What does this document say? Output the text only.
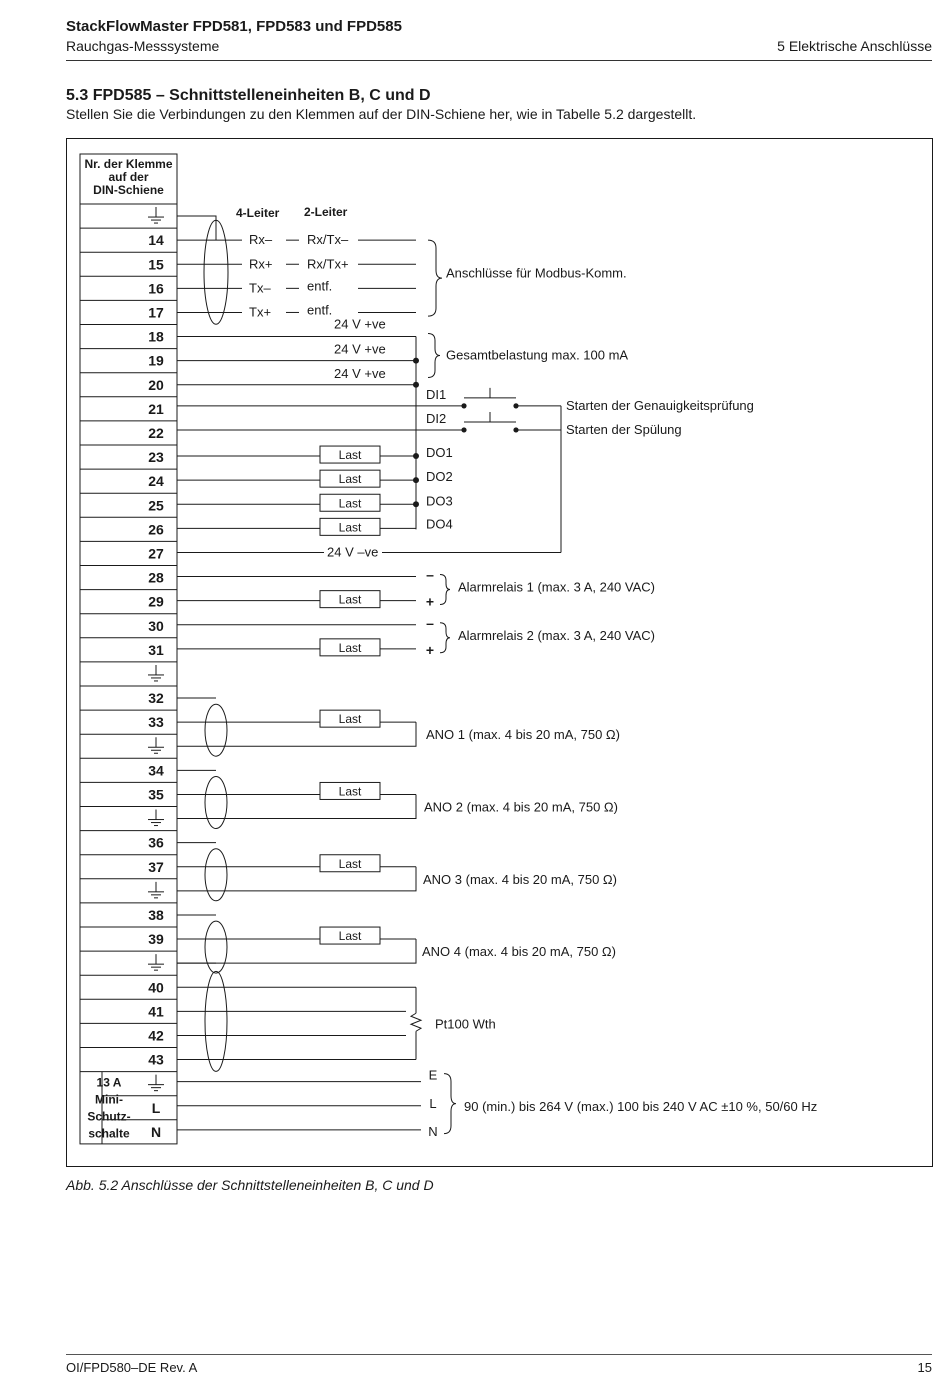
StackFlowMaster FPD581, FPD583 und FPD585
Rauchgas-Messsysteme	5 Elektrische Anschlüsse
5.3 FPD585 – Schnittstelleneinheiten B, C und D
Stellen Sie die Verbindungen zu den Klemmen auf der DIN-Schiene her, wie in Tabelle 5.2 dargestellt.
Nr. der Klemme
auf der
DIN-Schiene
14
15
16
17
18
19
20
21
22
23
24
25
26
27
28
29
30
31
32
33
34
35
36
37
38
39
40
41
42
43
L
N
13 A
Mini-
Schutz-
schalte
4-Leiter 2-Leiter
Rx–	Rx/Tx–
Rx+	Rx/Tx+
Tx–	entf.
Tx+	entf.
Anschlüsse für Modbus-Komm.
24 V +ve
24 V +ve
24 V +ve
Gesamtbelastung max. 100 mA
DI1
Starten der Genauigkeitsprüfung
DI2
Starten der Spülung
Last	DO1
Last	DO2
Last	DO3
Last	DO4
24 V –ve
Last
–
+
Alarmrelais 1 (max. 3 A, 240 VAC)
Last
–
+
Alarmrelais 2 (max. 3 A, 240 VAC)
Last
ANO 1 (max. 4 bis 20 mA, 750 Ω)
Last
ANO 2 (max. 4 bis 20 mA, 750 Ω)
Last
ANO 3 (max. 4 bis 20 mA, 750 Ω)
Last
ANO 4 (max. 4 bis 20 mA, 750 Ω)
Pt100 Wth
E
L
N
90 (min.) bis 264 V (max.) 100 bis 240 V AC ±10 %, 50/60 Hz
Abb. 5.2 Anschlüsse der Schnittstelleneinheiten B, C und D
OI/FPD580–DE Rev. A	15
